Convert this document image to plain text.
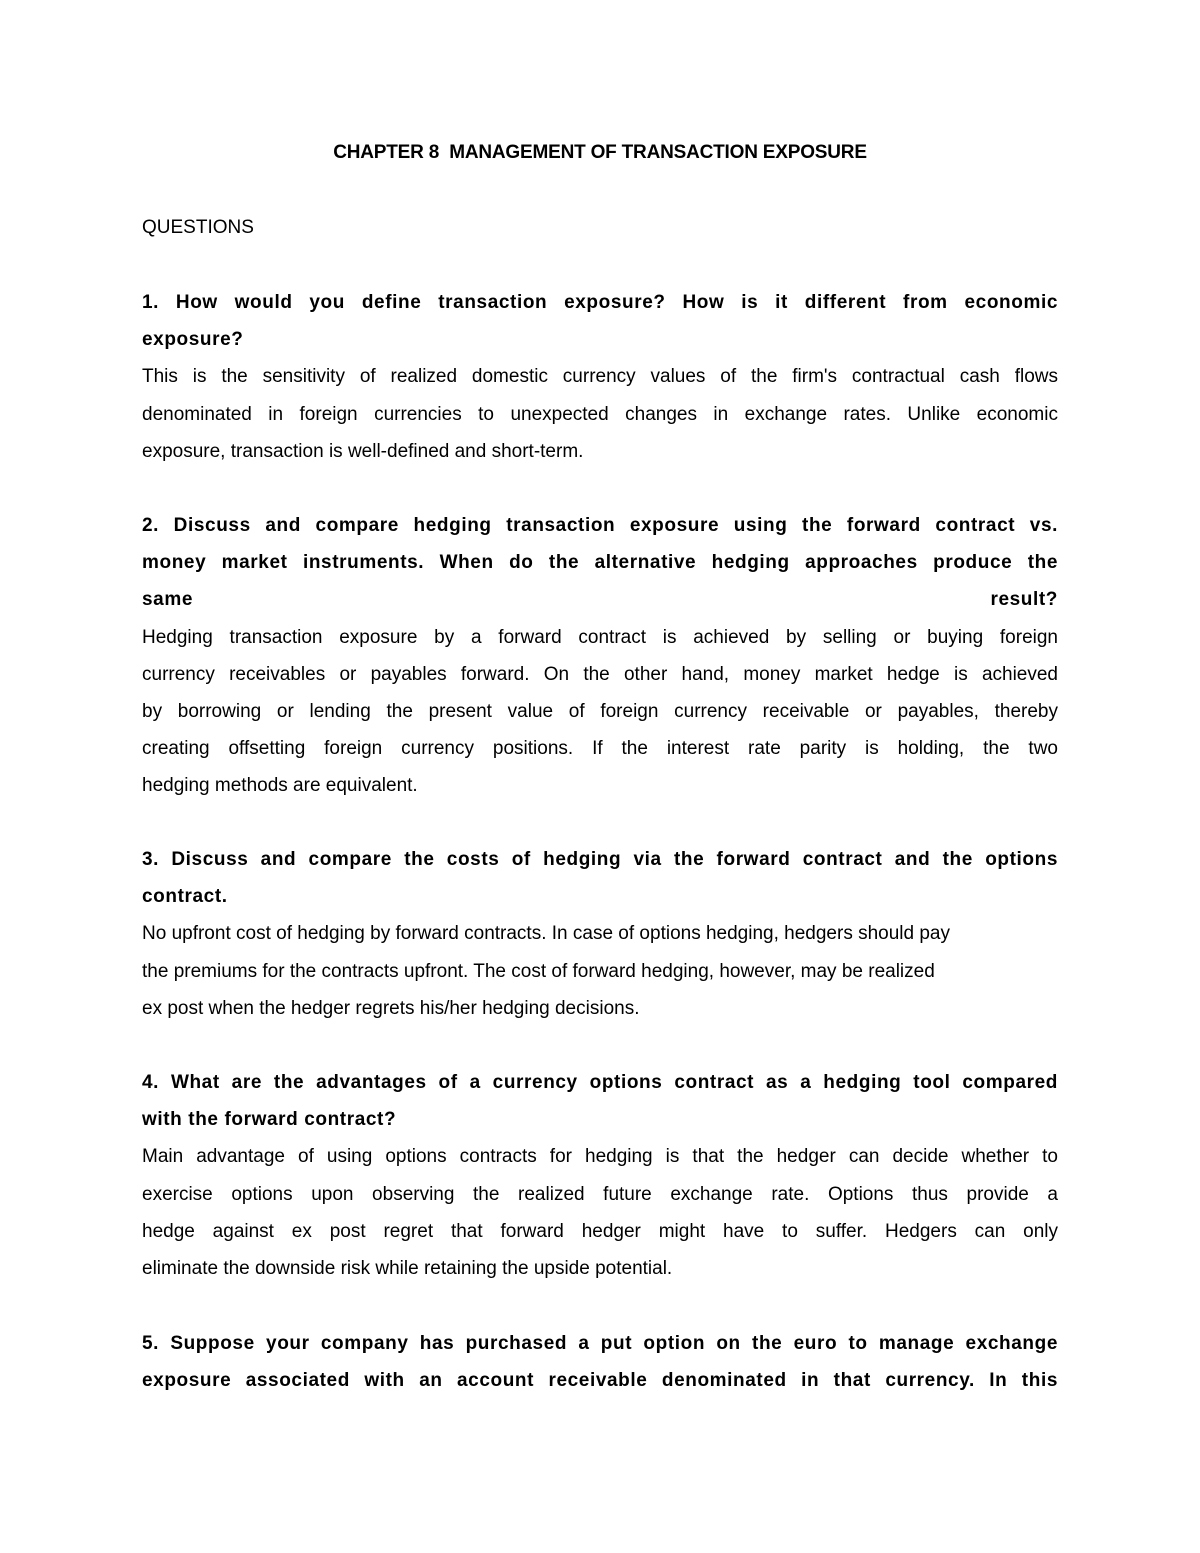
CHAPTER 8  MANAGEMENT OF TRANSACTION EXPOSURE
QUESTIONS
1. How would you define transaction exposure? How is it different from economic
exposure?
This is the sensitivity of realized domestic currency values of the firm's contractual cash flows
denominated in foreign currencies to unexpected changes in exchange rates. Unlike economic
exposure, transaction is well-defined and short-term.
2. Discuss and compare hedging transaction exposure using the forward contract vs.
money market instruments. When do the alternative hedging approaches produce the
same result?
Hedging transaction exposure by a forward contract is achieved by selling or buying foreign
currency receivables or payables forward. On the other hand, money market hedge is achieved
by borrowing or lending the present value of foreign currency receivable or payables, thereby
creating offsetting foreign currency positions. If the interest rate parity is holding, the two
hedging methods are equivalent.
3. Discuss and compare the costs of hedging via the forward contract and the options
contract.
No upfront cost of hedging by forward contracts. In case of options hedging, hedgers should pay
the premiums for the contracts upfront. The cost of forward hedging, however, may be realized
ex post when the hedger regrets his/her hedging decisions.
4. What are the advantages of a currency options contract as a hedging tool compared
with the forward contract?
Main advantage of using options contracts for hedging is that the hedger can decide whether to
exercise options upon observing the realized future exchange rate. Options thus provide a
hedge against ex post regret that forward hedger might have to suffer. Hedgers can only
eliminate the downside risk while retaining the upside potential.
5. Suppose your company has purchased a put option on the euro to manage exchange
exposure associated with an account receivable denominated in that currency. In this
